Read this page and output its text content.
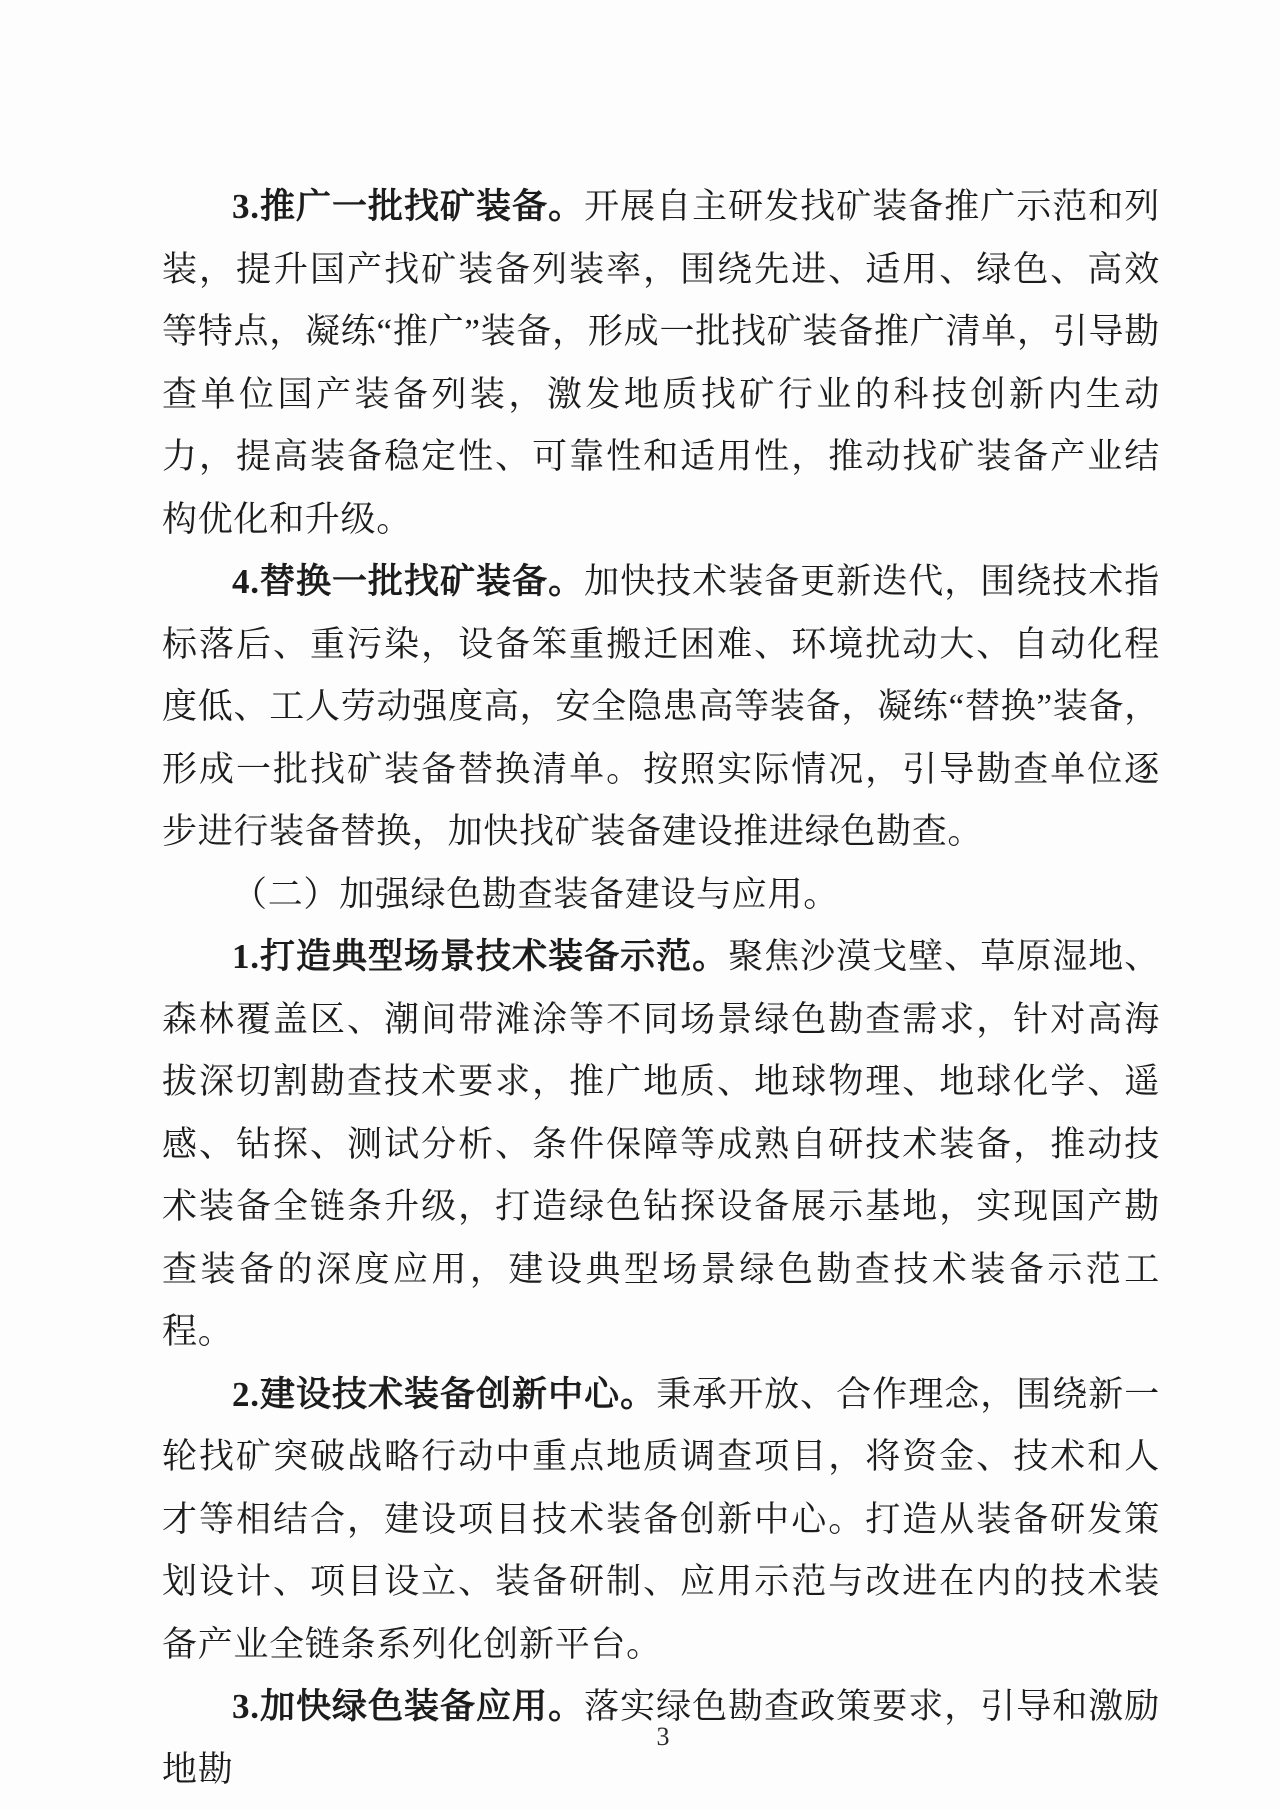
3.推广一批找矿装备。开展自主研发找矿装备推广示范和列装，提升国产找矿装备列装率，围绕先进、适用、绿色、高效等特点，凝练“推广”装备，形成一批找矿装备推广清单，引导勘查单位国产装备列装，激发地质找矿行业的科技创新内生动力，提高装备稳定性、可靠性和适用性，推动找矿装备产业结构优化和升级。

4.替换一批找矿装备。加快技术装备更新迭代，围绕技术指标落后、重污染，设备笨重搬迁困难、环境扰动大、自动化程度低、工人劳动强度高，安全隐患高等装备，凝练“替换”装备，形成一批找矿装备替换清单。按照实际情况，引导勘查单位逐步进行装备替换，加快找矿装备建设推进绿色勘查。

（二）加强绿色勘查装备建设与应用。

1.打造典型场景技术装备示范。聚焦沙漠戈壁、草原湿地、森林覆盖区、潮间带滩涂等不同场景绿色勘查需求，针对高海拔深切割勘查技术要求，推广地质、地球物理、地球化学、遥感、钻探、测试分析、条件保障等成熟自研技术装备，推动技术装备全链条升级，打造绿色钻探设备展示基地，实现国产勘查装备的深度应用，建设典型场景绿色勘查技术装备示范工程。

2.建设技术装备创新中心。秉承开放、合作理念，围绕新一轮找矿突破战略行动中重点地质调查项目，将资金、技术和人才等相结合，建设项目技术装备创新中心。打造从装备研发策划设计、项目设立、装备研制、应用示范与改进在内的技术装备产业全链条系列化创新平台。

3.加快绿色装备应用。落实绿色勘查政策要求，引导和激励地勘

3
